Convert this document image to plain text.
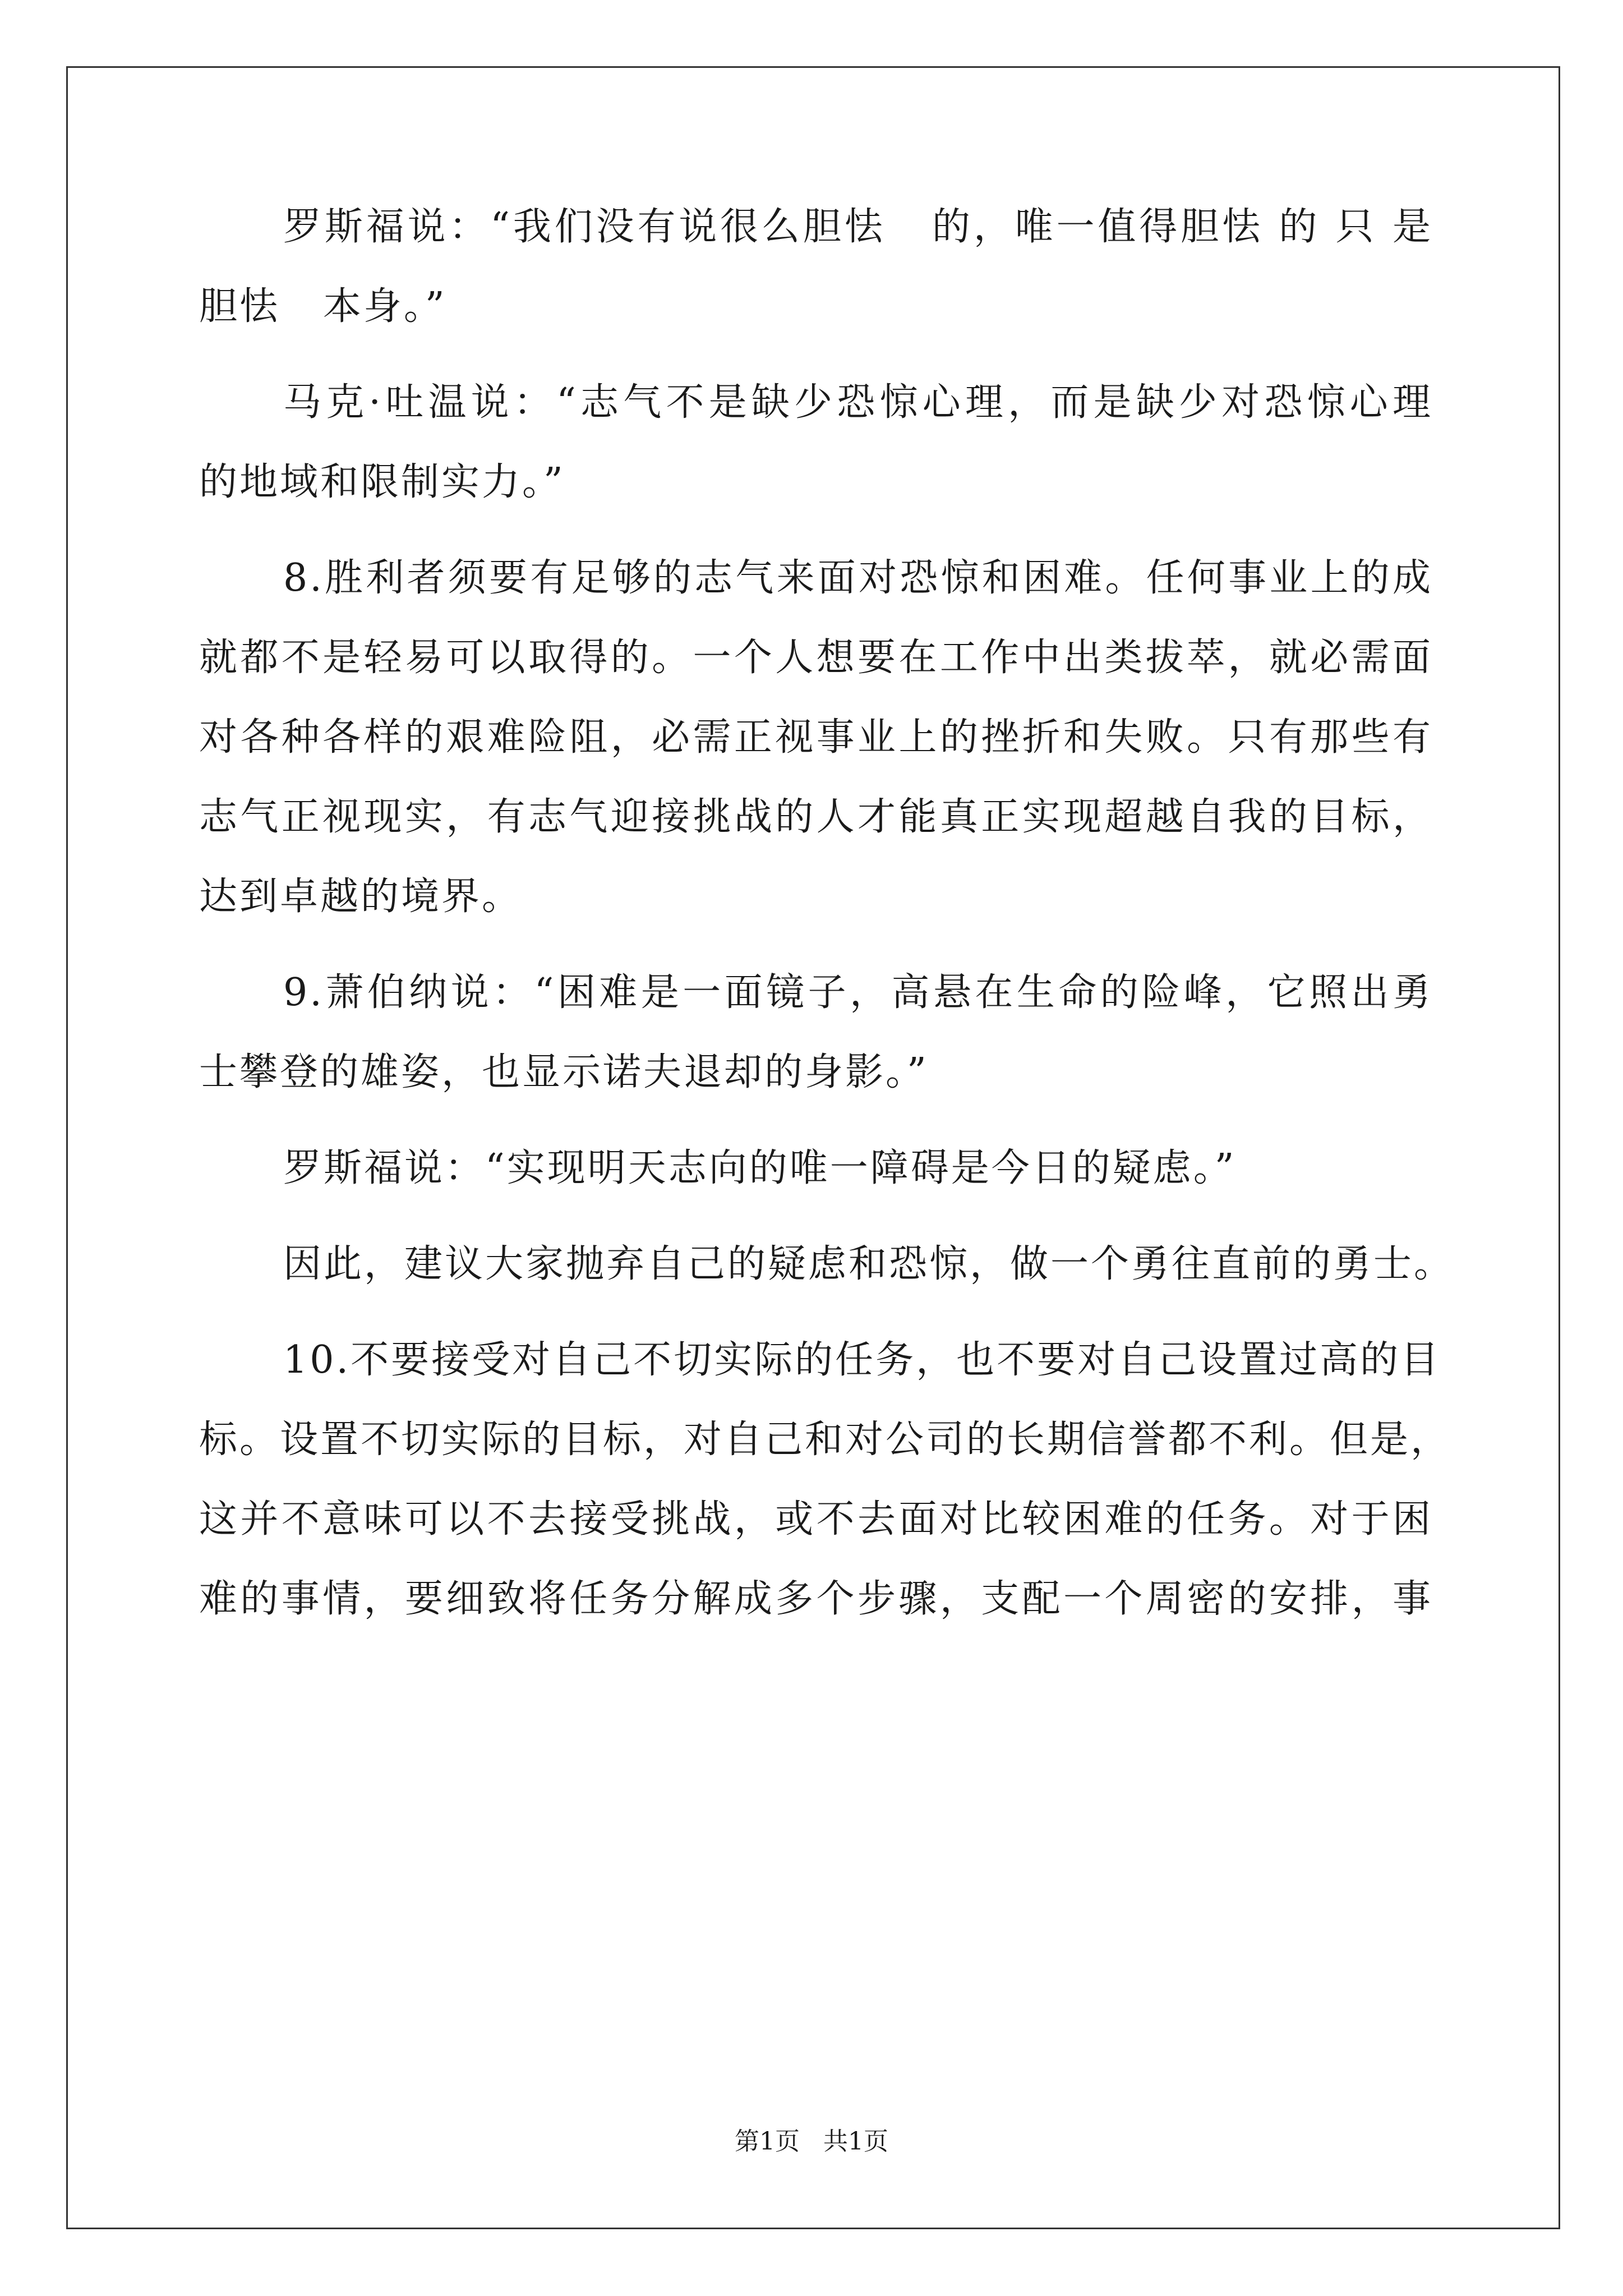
罗斯福说：“我们没有说很么胆怯   的，唯一值得胆怯 的 只 是
胆怯   本身。”
马克·吐温说：“志气不是缺少恐惊心理，而是缺少对恐惊心理
的地域和限制实力。”
8.胜利者须要有足够的志气来面对恐惊和困难。任何事业上的成
就都不是轻易可以取得的。一个人想要在工作中出类拔萃，就必需面
对各种各样的艰难险阻，必需正视事业上的挫折和失败。只有那些有
志气正视现实，有志气迎接挑战的人才能真正实现超越自我的目标，
达到卓越的境界。
9.萧伯纳说：“困难是一面镜子，高悬在生命的险峰，它照出勇
士攀登的雄姿，也显示诺夫退却的身影。”
罗斯福说：“实现明天志向的唯一障碍是今日的疑虑。”
因此，建议大家抛弃自己的疑虑和恐惊，做一个勇往直前的勇士。
10.不要接受对自己不切实际的任务，也不要对自己设置过高的目
标。设置不切实际的目标，对自己和对公司的长期信誉都不利。但是，
这并不意味可以不去接受挑战，或不去面对比较困难的任务。对于困
难的事情，要细致将任务分解成多个步骤，支配一个周密的安排，事
第1页   共1页
